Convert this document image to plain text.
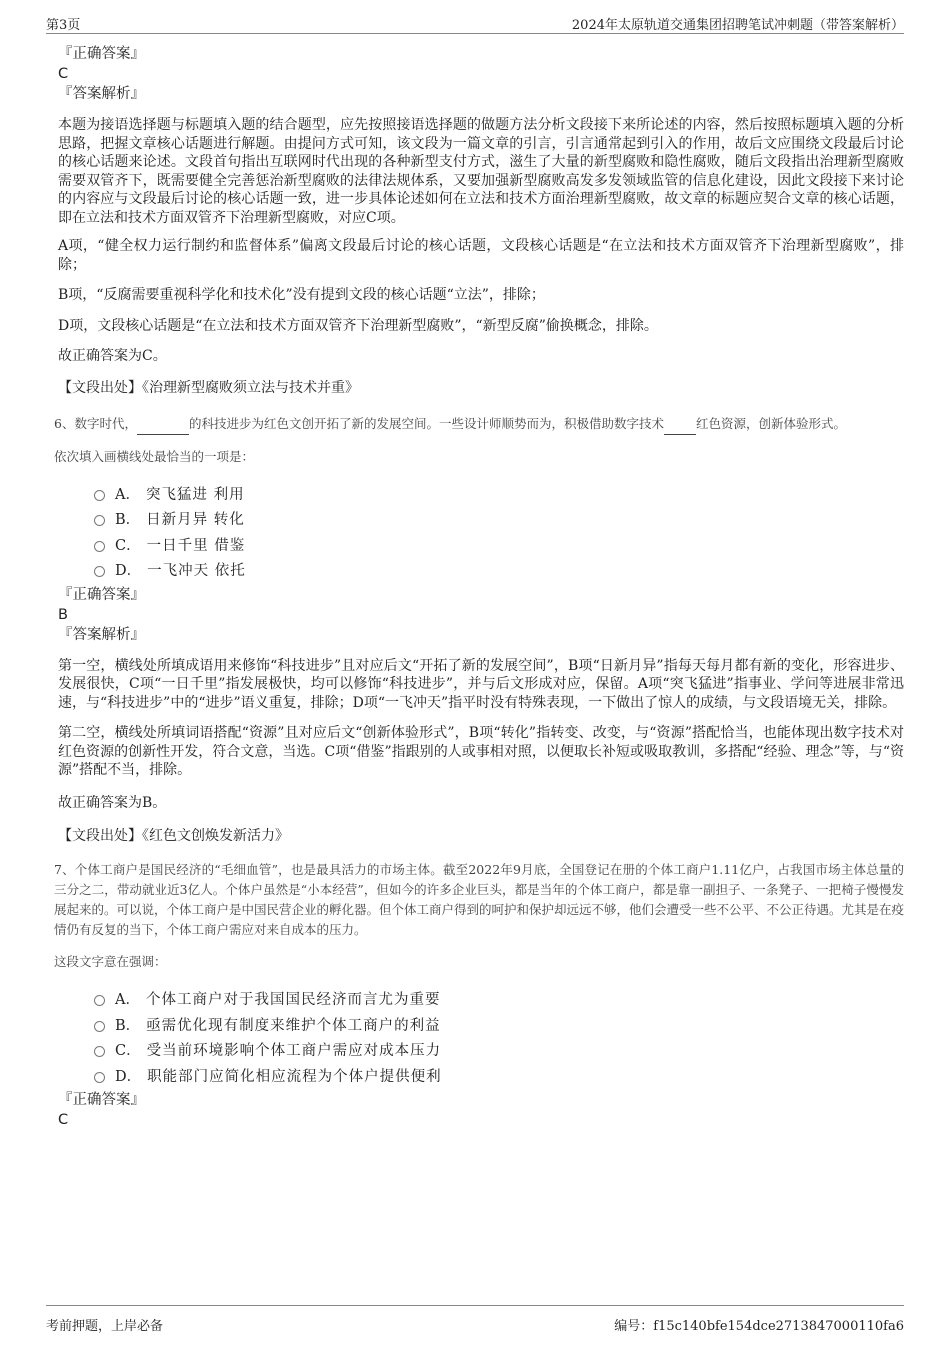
第3页	2024年太原轨道交通集团招聘笔试冲刺题（带答案解析）
『正确答案』
C
『答案解析』
本题为接语选择题与标题填入题的结合题型，应先按照接语选择题的做题方法分析文段接下来所论述的内容，然后按照标题填入题的分析思路，把握文章核心话题进行解题。由提问方式可知，该文段为一篇文章的引言，引言通常起到引入的作用，故后文应围绕文段最后讨论的核心话题来论述。文段首句指出互联网时代出现的各种新型支付方式，滋生了大量的新型腐败和隐性腐败，随后文段指出治理新型腐败需要双管齐下，既需要健全完善惩治新型腐败的法律法规体系，又要加强新型腐败高发多发领域监管的信息化建设，因此文段接下来讨论的内容应与文段最后讨论的核心话题一致，进一步具体论述如何在立法和技术方面治理新型腐败，故文章的标题应契合文章的核心话题，即在立法和技术方面双管齐下治理新型腐败，对应C项。
A项，“健全权力运行制约和监督体系”偏离文段最后讨论的核心话题，文段核心话题是“在立法和技术方面双管齐下治理新型腐败”，排除；
B项，“反腐需要重视科学化和技术化”没有提到文段的核心话题“立法”，排除；
D项，文段核心话题是“在立法和技术方面双管齐下治理新型腐败”，“新型反腐”偷换概念，排除。
故正确答案为C。
【文段出处】《治理新型腐败须立法与技术并重》
6、数字时代，	的科技进步为红色文创开拓了新的发展空间。一些设计师顺势而为，积极借助数字技术	红色资源，创新体验形式。
依次填入画横线处最恰当的一项是：
A． 突飞猛进 利用
B． 日新月异 转化
C． 一日千里 借鉴
D． 一飞冲天 依托
『正确答案』
B
『答案解析』
第一空，横线处所填成语用来修饰“科技进步”且对应后文“开拓了新的发展空间”，B项“日新月异”指每天每月都有新的变化，形容进步、发展很快，C项“一日千里”指发展极快，均可以修饰“科技进步”，并与后文形成对应，保留。A项“突飞猛进”指事业、学问等进展非常迅速，与“科技进步”中的“进步”语义重复，排除；D项“一飞冲天”指平时没有特殊表现，一下做出了惊人的成绩，与文段语境无关，排除。
第二空，横线处所填词语搭配“资源”且对应后文“创新体验形式”，B项“转化”指转变、改变，与“资源”搭配恰当，也能体现出数字技术对红色资源的创新性开发，符合文意，当选。C项“借鉴”指跟别的人或事相对照，以便取长补短或吸取教训，多搭配“经验、理念”等，与“资源”搭配不当，排除。
故正确答案为B。
【文段出处】《红色文创焕发新活力》
7、个体工商户是国民经济的“毛细血管”，也是最具活力的市场主体。截至2022年9月底，全国登记在册的个体工商户1.11亿户，占我国市场主体总量的三分之二，带动就业近3亿人。个体户虽然是“小本经营”，但如今的许多企业巨头，都是当年的个体工商户，都是靠一副担子、一条凳子、一把椅子慢慢发展起来的。可以说，个体工商户是中国民营企业的孵化器。但个体工商户得到的呵护和保护却远远不够，他们会遭受一些不公平、不公正待遇。尤其是在疫情仍有反复的当下，个体工商户需应对来自成本的压力。
这段文字意在强调：
A． 个体工商户对于我国国民经济而言尤为重要
B． 亟需优化现有制度来维护个体工商户的利益
C． 受当前环境影响个体工商户需应对成本压力
D． 职能部门应简化相应流程为个体户提供便利
『正确答案』
C
考前押题，上岸必备	编号：f15c140bfe154dce2713847000110fa6
